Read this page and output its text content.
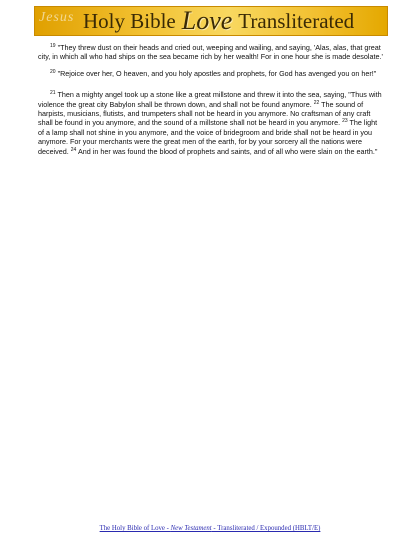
Jesus Holy Bible Love Transliterated

$^{19}$ "They threw dust on their heads and cried out, weeping and wailing, and saying, 'Alas, alas, that great city, in which all who had ships on the sea became rich by her wealth! For in one hour she is made desolate.'

$^{20}$ "Rejoice over her, O heaven, and you holy apostles and prophets, for God has avenged you on her!"

$^{21}$ Then a mighty angel took up a stone like a great millstone and threw it into the sea, saying, "Thus with violence the great city Babylon shall be thrown down, and shall not be found anymore. $^{22}$ The sound of harpists, musicians, flutists, and trumpeters shall not be heard in you anymore. No craftsman of any craft shall be found in you anymore, and the sound of a millstone shall not be heard in you anymore. $^{23}$ The light of a lamp shall not shine in you anymore, and the voice of bridegroom and bride shall not be heard in you anymore. For your merchants were the great men of the earth, for by your sorcery all the nations were deceived. $^{24}$ And in her was found the blood of prophets and saints, and of all who were slain on the earth."

The Holy Bible of Love - New Testament - Transliterated / Expounded (HBLT/E)
